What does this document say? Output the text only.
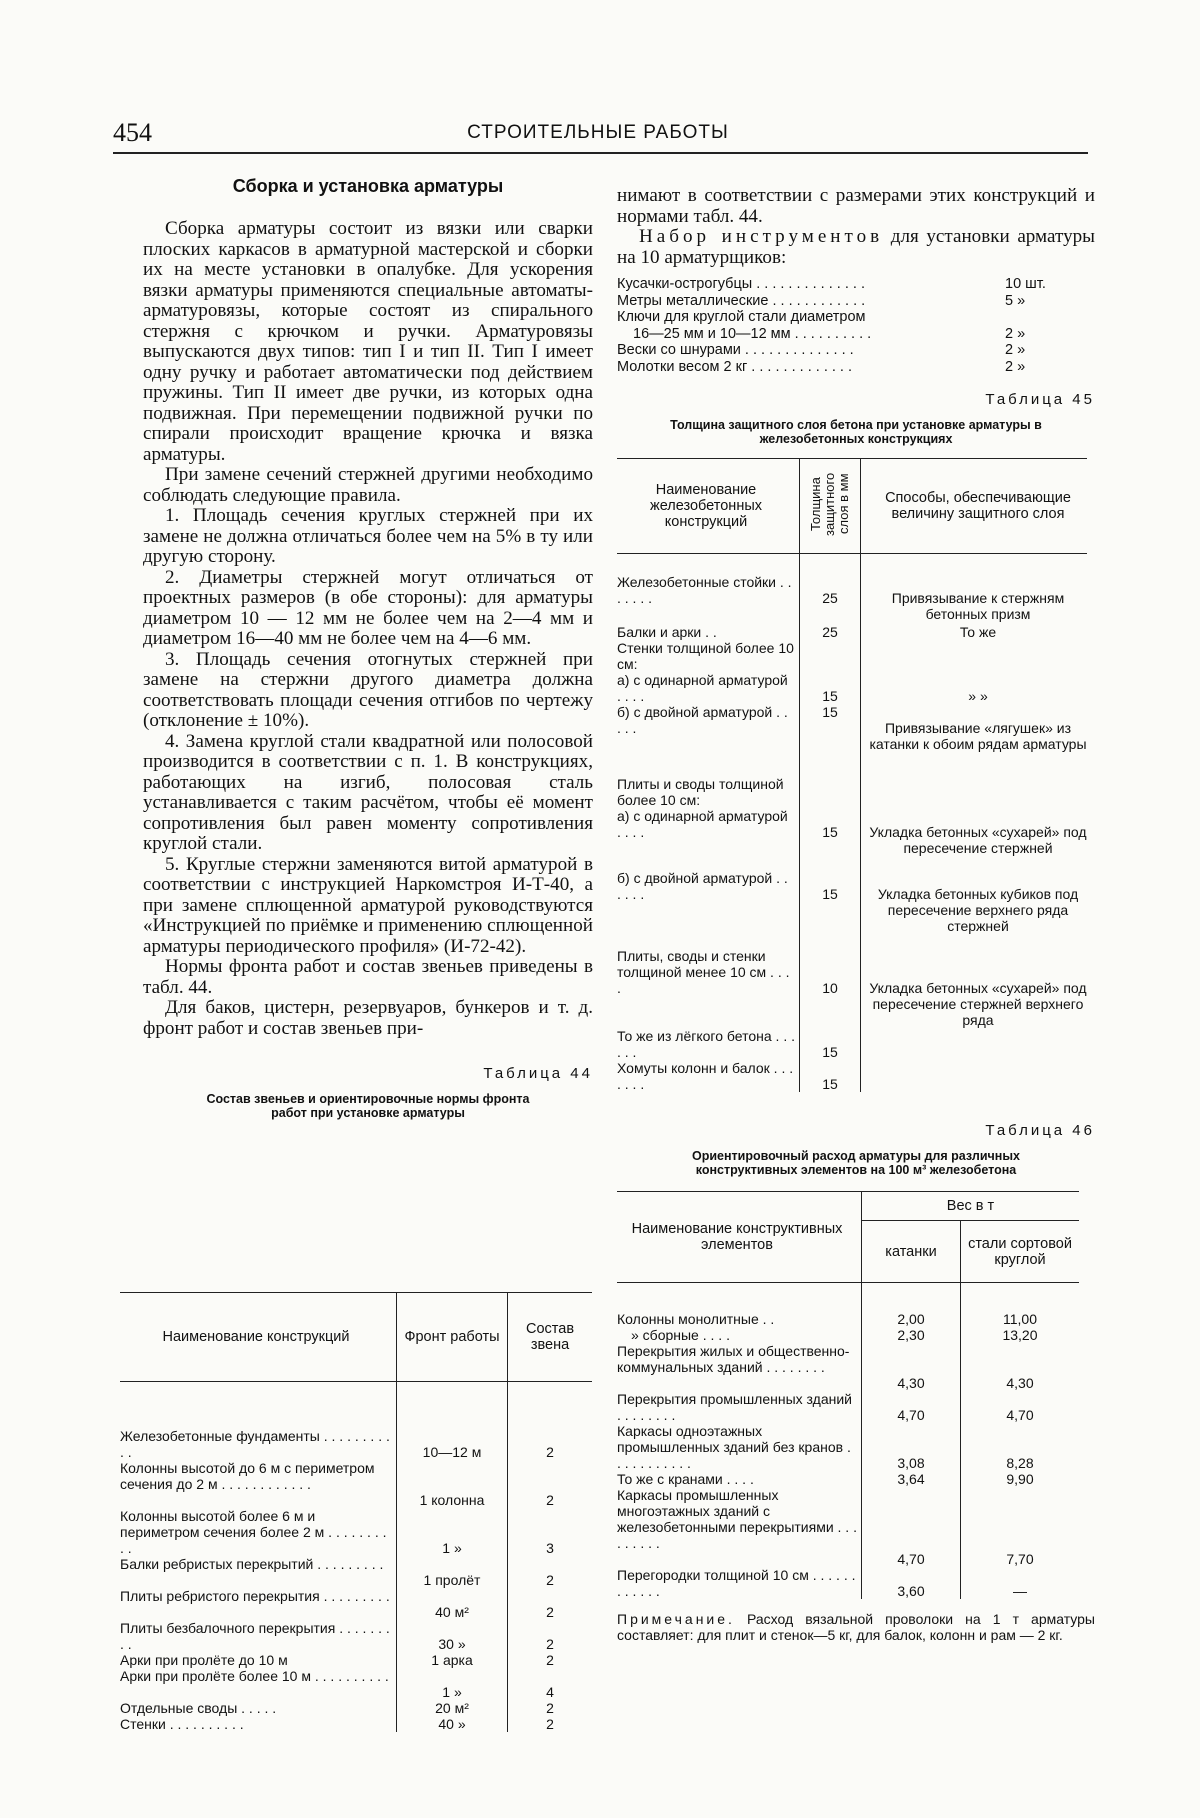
454	СТРОИТЕЛЬНЫЕ РАБОТЫ
Сборка и установка арматуры

Сборка арматуры состоит из вязки или сварки плоских каркасов в арматурной мастерской и сборки их на месте установки в опалубке. Для ускорения вязки арматуры применяются специальные автоматы-арматуровязы, которые состоят из спирального стержня с крючком и ручки. Арматуровязы выпускаются двух типов: тип I и тип II. Тип I имеет одну ручку и работает автоматически под действием пружины. Тип II имеет две ручки, из которых одна подвижная. При перемещении подвижной ручки по спирали происходит вращение крючка и вязка арматуры.

При замене сечений стержней другими необходимо соблюдать следующие правила.

1. Площадь сечения круглых стержней при их замене не должна отличаться более чем на 5% в ту или другую сторону.

2. Диаметры стержней могут отличаться от проектных размеров (в обе стороны): для арматуры диаметром 10 — 12 мм не более чем на 2—4 мм и диаметром 16—40 мм не более чем на 4—6 мм.

3. Площадь сечения отогнутых стержней при замене на стержни другого диаметра должна соответствовать площади сечения отгибов по чертежу (отклонение ± 10%).

4. Замена круглой стали квадратной или полосовой производится в соответствии с п. 1. В конструкциях, работающих на изгиб, полосовая сталь устанавливается с таким расчётом, чтобы её момент сопротивления был равен моменту сопротивления круглой стали.

5. Круглые стержни заменяются витой арматурой в соответствии с инструкцией Наркомстроя И-Т-40, а при замене сплющенной арматурой руководствуются «Инструкцией по приёмке и применению сплющенной арматуры периодического профиля» (И-72-42).

Нормы фронта работ и состав звеньев приведены в табл. 44.

Для баков, цистерн, резервуаров, бункеров и т. д. фронт работ и состав звеньев при-

Таблица 44
Состав звеньев и ориентировочные нормы фронта работ при установке арматуры
Наименование конструкций	Фронт работы	Состав звена
Железобетонные фундаменты . . . . . . . . . . .	10—12 м	2
Колонны высотой до 6 м с периметром сечения до 2 м . . . . . . . . . . . .	1 колонна	2
Колонны высотой более 6 м и периметром сечения более 2 м . . . . . . . . . .	1 »	3
Балки ребристых перекрытий . . . . . . . . .	1 пролёт	2
Плиты ребристого перекрытия . . . . . . . . .	40 м²	2
Плиты безбалочного перекрытия . . . . . . . . .	30 »	2
Арки при пролёте до 10 м	1 арка	2
Арки при пролёте более 10 м . . . . . . . . . .	1 »	4
Отдельные своды . . . . .	20 м²	2
Стенки . . . . . . . . . .	40 »	2

нимают в соответствии с размерами этих конструкций и нормами табл. 44.

Набор инструментов для установки арматуры на 10 арматурщиков:

Кусачки-острогубцы . . . . . . . . . . . . . .	10 шт.
Метры металлические . . . . . . . . . . . .	5 »
Ключи для круглой стали диаметром
16—25 мм и 10—12 мм . . . . . . . . . .	2 »
Вески со шнурами . . . . . . . . . . . . . .	2 »
Молотки весом 2 кг . . . . . . . . . . . . .	2 »
Таблица 45
Толщина защитного слоя бетона при установке арматуры в железобетонных конструкциях
Наименование железобетонных конструкций	Толщина защитного слоя в мм	Способы, обеспечивающие величину защитного слоя
Железобетонные стойки . . . . . . .	25	Привязывание к стержням бетонных призм
Балки и арки . .	25	То же
Стенки толщиной более 10 см:		
а) с одинарной арматурой . . . .	15	» »
б) с двойной арматурой . . . . .	15	Привязывание «лягушек» из катанки к обоим рядам арматуры
Плиты и своды толщиной более 10 см:		
а) с одинарной арматурой . . . .	15	Укладка бетонных «сухарей» под пересечение стержней
б) с двойной арматурой . . . . . .	15	Укладка бетонных кубиков под пересечение верхнего ряда стержней
Плиты, своды и стенки толщиной менее 10 см . . . .	10	Укладка бетонных «сухарей» под пересечение стержней верхнего ряда
То же из лёгкого бетона . . . . . .	15	
Хомуты колонн и балок . . . . . . .	15	
Таблица 46
Ориентировочный расход арматуры для различных конструктивных элементов на 100 м³ железобетона
Наименование конструктивных элементов	Вес в т	
	катанки	стали сортовой круглой
Колонны монолитные . .	2,00	11,00
» сборные . . . .	2,30	13,20
Перекрытия жилых и общественно-коммунальных зданий . . . . . . . .	4,30	4,30
Перекрытия промышленных зданий . . . . . . . .	4,70	4,70
Каркасы одноэтажных промышленных зданий без кранов . . . . . . . . . . .	3,08	8,28
То же с кранами . . . .	3,64	9,90
Каркасы промышленных многоэтажных зданий с железобетонными перекрытиями . . . . . . . . .	4,70	7,70
Перегородки толщиной 10 см . . . . . . . . . . . .	3,60	—
Примечание. Расход вязальной проволоки на 1 т арматуры составляет: для плит и стенок—5 кг, для балок, колонн и рам — 2 кг.
